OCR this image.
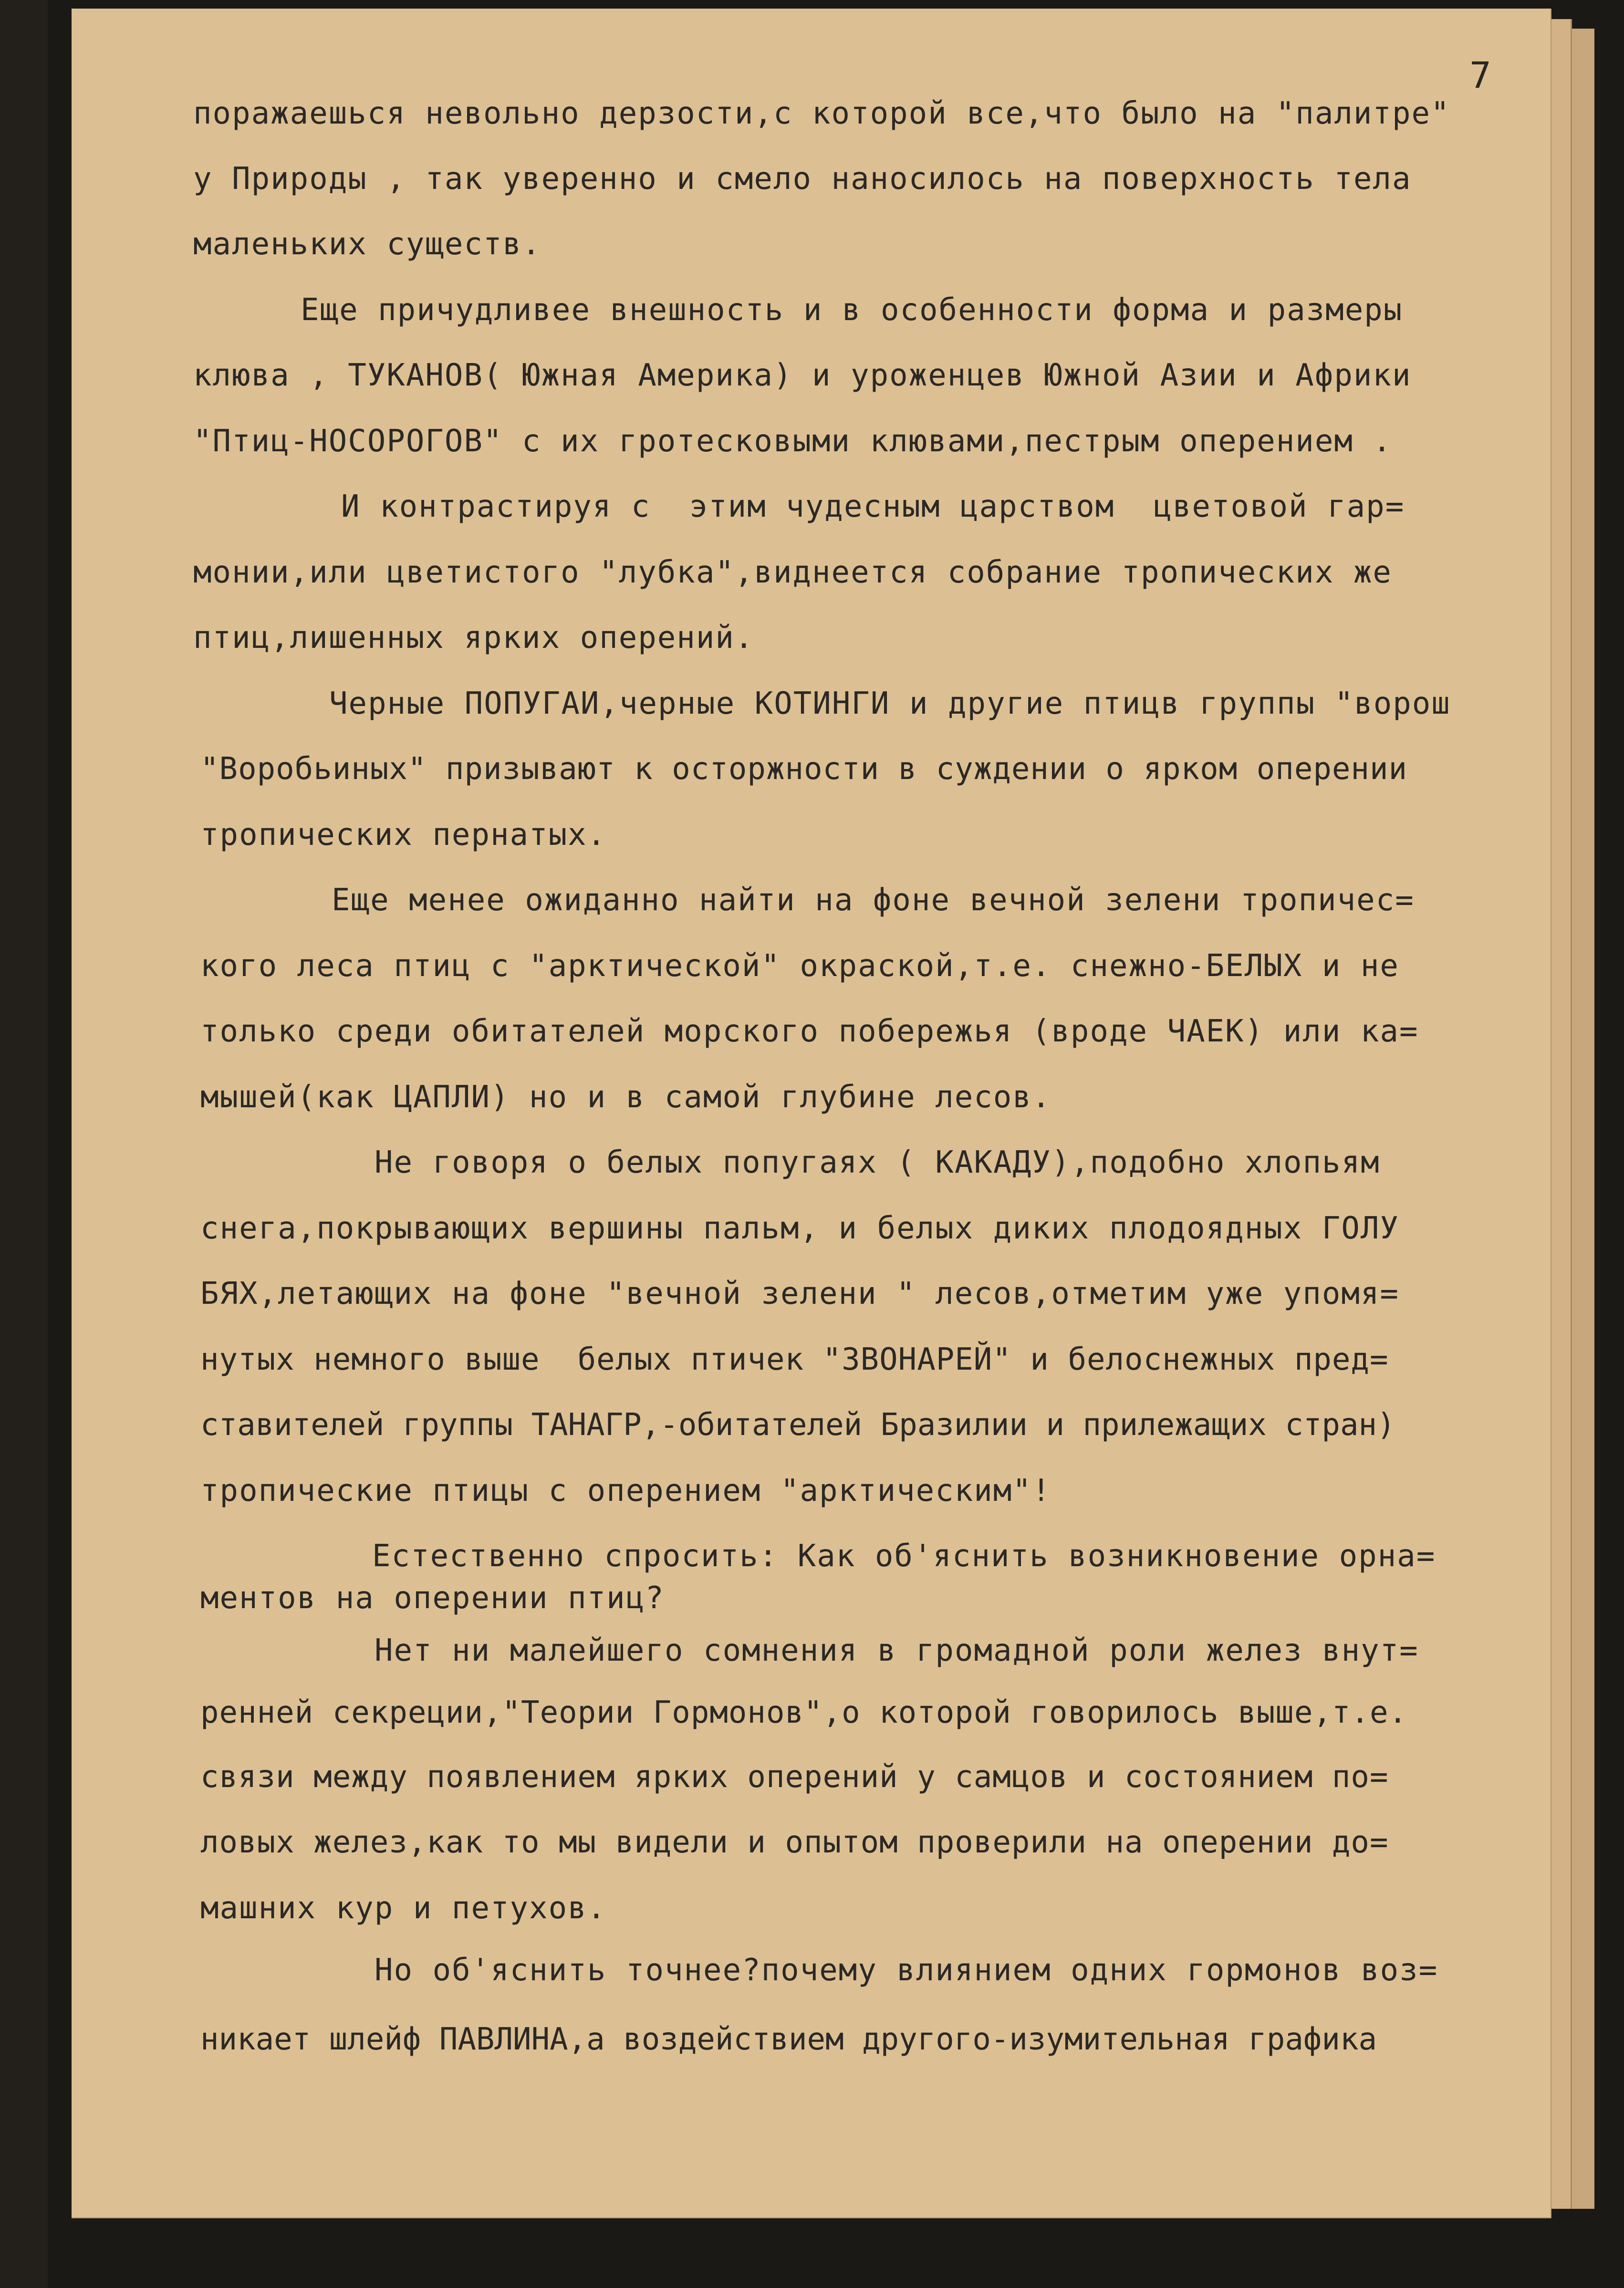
7
поражаешься невольно дерзости,с которой все,что было на "палитре"
у Природы , так уверенно и смело наносилось на поверхность тела
маленьких существ.
Еще причудливее внешность и в особенности форма и размеры
клюва , ТУКАНОВ( Южная Америка) и уроженцев Южной Азии и Африки
"Птиц-НОСОРОГОВ" с их гротесковыми клювами,пестрым оперением .
И контрастируя с  этим чудесным царством  цветовой гар=
монии,или цветистого "лубка",виднеется собрание тропических же
птиц,лишенных ярких оперений.
Черные ПОПУГАИ,черные КОТИНГИ и другие птицв группы "ворош
"Воробьиных" призывают к осторжности в суждении о ярком оперении
тропических пернатых.
Еще менее ожиданно найти на фоне вечной зелени тропичес=
кого леса птиц с "арктической" окраской,т.е. снежно-БЕЛЫХ и не
только среди обитателей морского побережья (вроде ЧАЕК) или ка=
мышей(как ЦАПЛИ) но и в самой глубине лесов.
Не говоря о белых попугаях ( КАКАДУ),подобно хлопьям
снега,покрывающих вершины пальм, и белых диких плодоядных ГОЛУ
БЯХ,летающих на фоне "вечной зелени " лесов,отметим уже упомя=
нутых немного выше  белых птичек "ЗВОНАРЕЙ" и белоснежных пред=
ставителей группы ТАНАГР,-обитателей Бразилии и прилежащих стран)
тропические птицы с оперением "арктическим"!
Естественно спросить: Как об'яснить возникновение орна=
ментов на оперении птиц?
Нет ни малейшего сомнения в громадной роли желез внут=
ренней секреции,"Теории Гормонов",о которой говорилось выше,т.е.
связи между появлением ярких оперений у самцов и состоянием по=
ловых желез,как то мы видели и опытом проверили на оперении до=
машних кур и петухов.
Но об'яснить точнее?почему влиянием одних гормонов воз=
никает шлейф ПАВЛИНА,а воздействием другого-изумительная графика
